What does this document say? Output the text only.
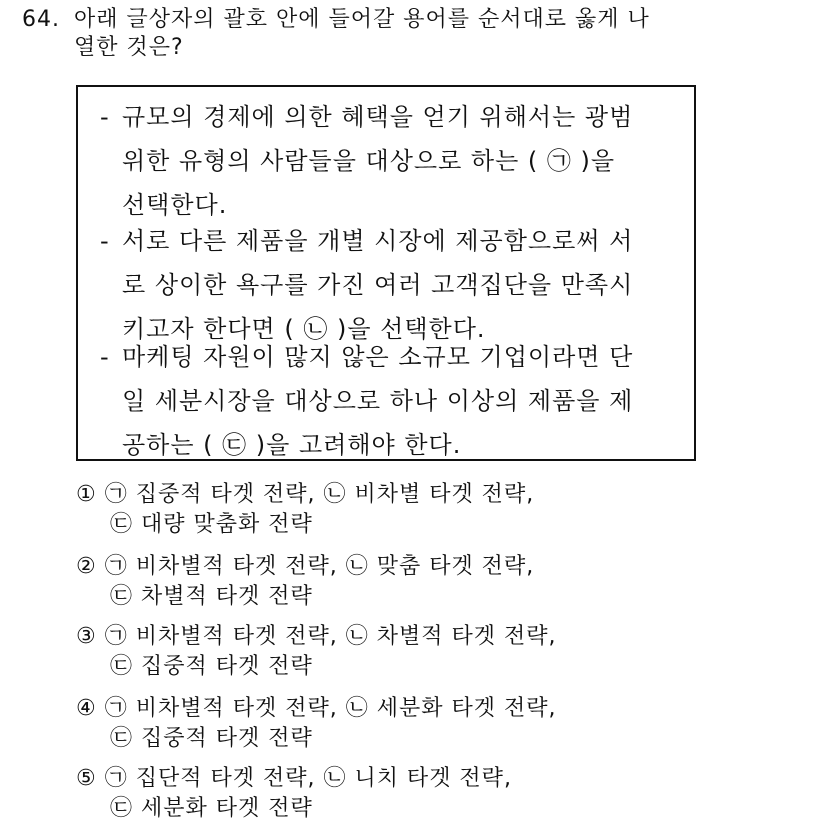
64. 아래 글상자의 괄호 안에 들어갈 용어를 순서대로 옳게 나
열한 것은?
- 규모의 경제에 의한 혜택을 얻기 위해서는 광범
위한 유형의 사람들을 대상으로 하는 ( ㉠ )을
선택한다.
- 서로 다른 제품을 개별 시장에 제공함으로써 서
로 상이한 욕구를 가진 여러 고객집단을 만족시
키고자 한다면 ( ㉡ )을 선택한다.
- 마케팅 자원이 많지 않은 소규모 기업이라면 단
일 세분시장을 대상으로 하나 이상의 제품을 제
공하는 ( ㉢ )을 고려해야 한다.
① ㉠ 집중적 타겟 전략, ㉡ 비차별 타겟 전략,
㉢ 대량 맞춤화 전략
② ㉠ 비차별적 타겟 전략, ㉡ 맞춤 타겟 전략,
㉢ 차별적 타겟 전략
③ ㉠ 비차별적 타겟 전략, ㉡ 차별적 타겟 전략,
㉢ 집중적 타겟 전략
④ ㉠ 비차별적 타겟 전략, ㉡ 세분화 타겟 전략,
㉢ 집중적 타겟 전략
⑤ ㉠ 집단적 타겟 전략, ㉡ 니치 타겟 전략,
㉢ 세분화 타겟 전략
